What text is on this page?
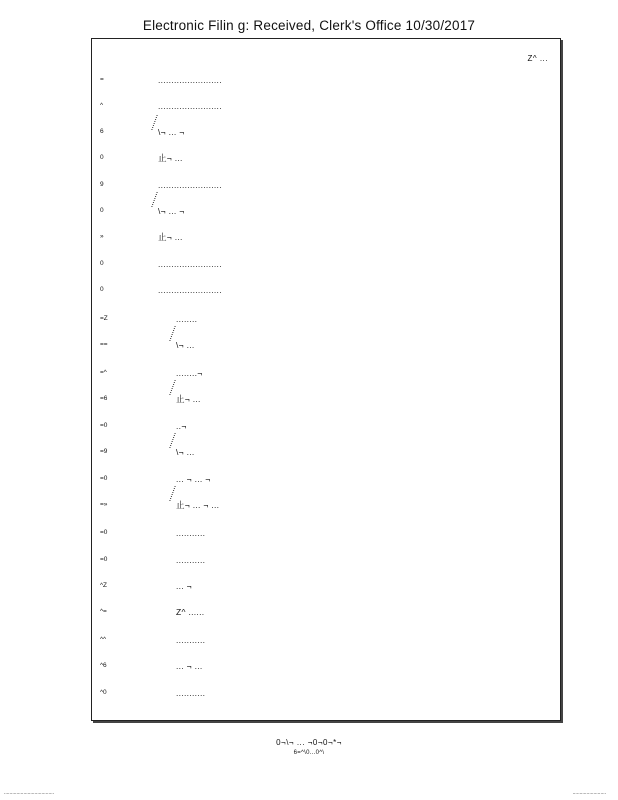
Electronic Filin g: Received, Clerk's Office 10/30/2017
Z^ ...
=	........................
^	........................
6	\¬ ... ¬
0	止¬ ...
9	........................
0	\¬ ... ¬
»	止¬ ...
0	........................
0	........................
=Z	........
==	\¬ ...
=^	........¬
=6	止¬ ...
=0	..¬
=9	\¬ ...
=0	... ¬ ... ¬
=»	止¬ ... ¬ ...
=0	...........
=0	...........
^Z	... ¬
^=	Z^ ......
^^	...........
^6	... ¬ ...
^0	...........
0¬\¬ ... ¬0¬0¬*¬
6=^\0...0^\
....................................	........................
